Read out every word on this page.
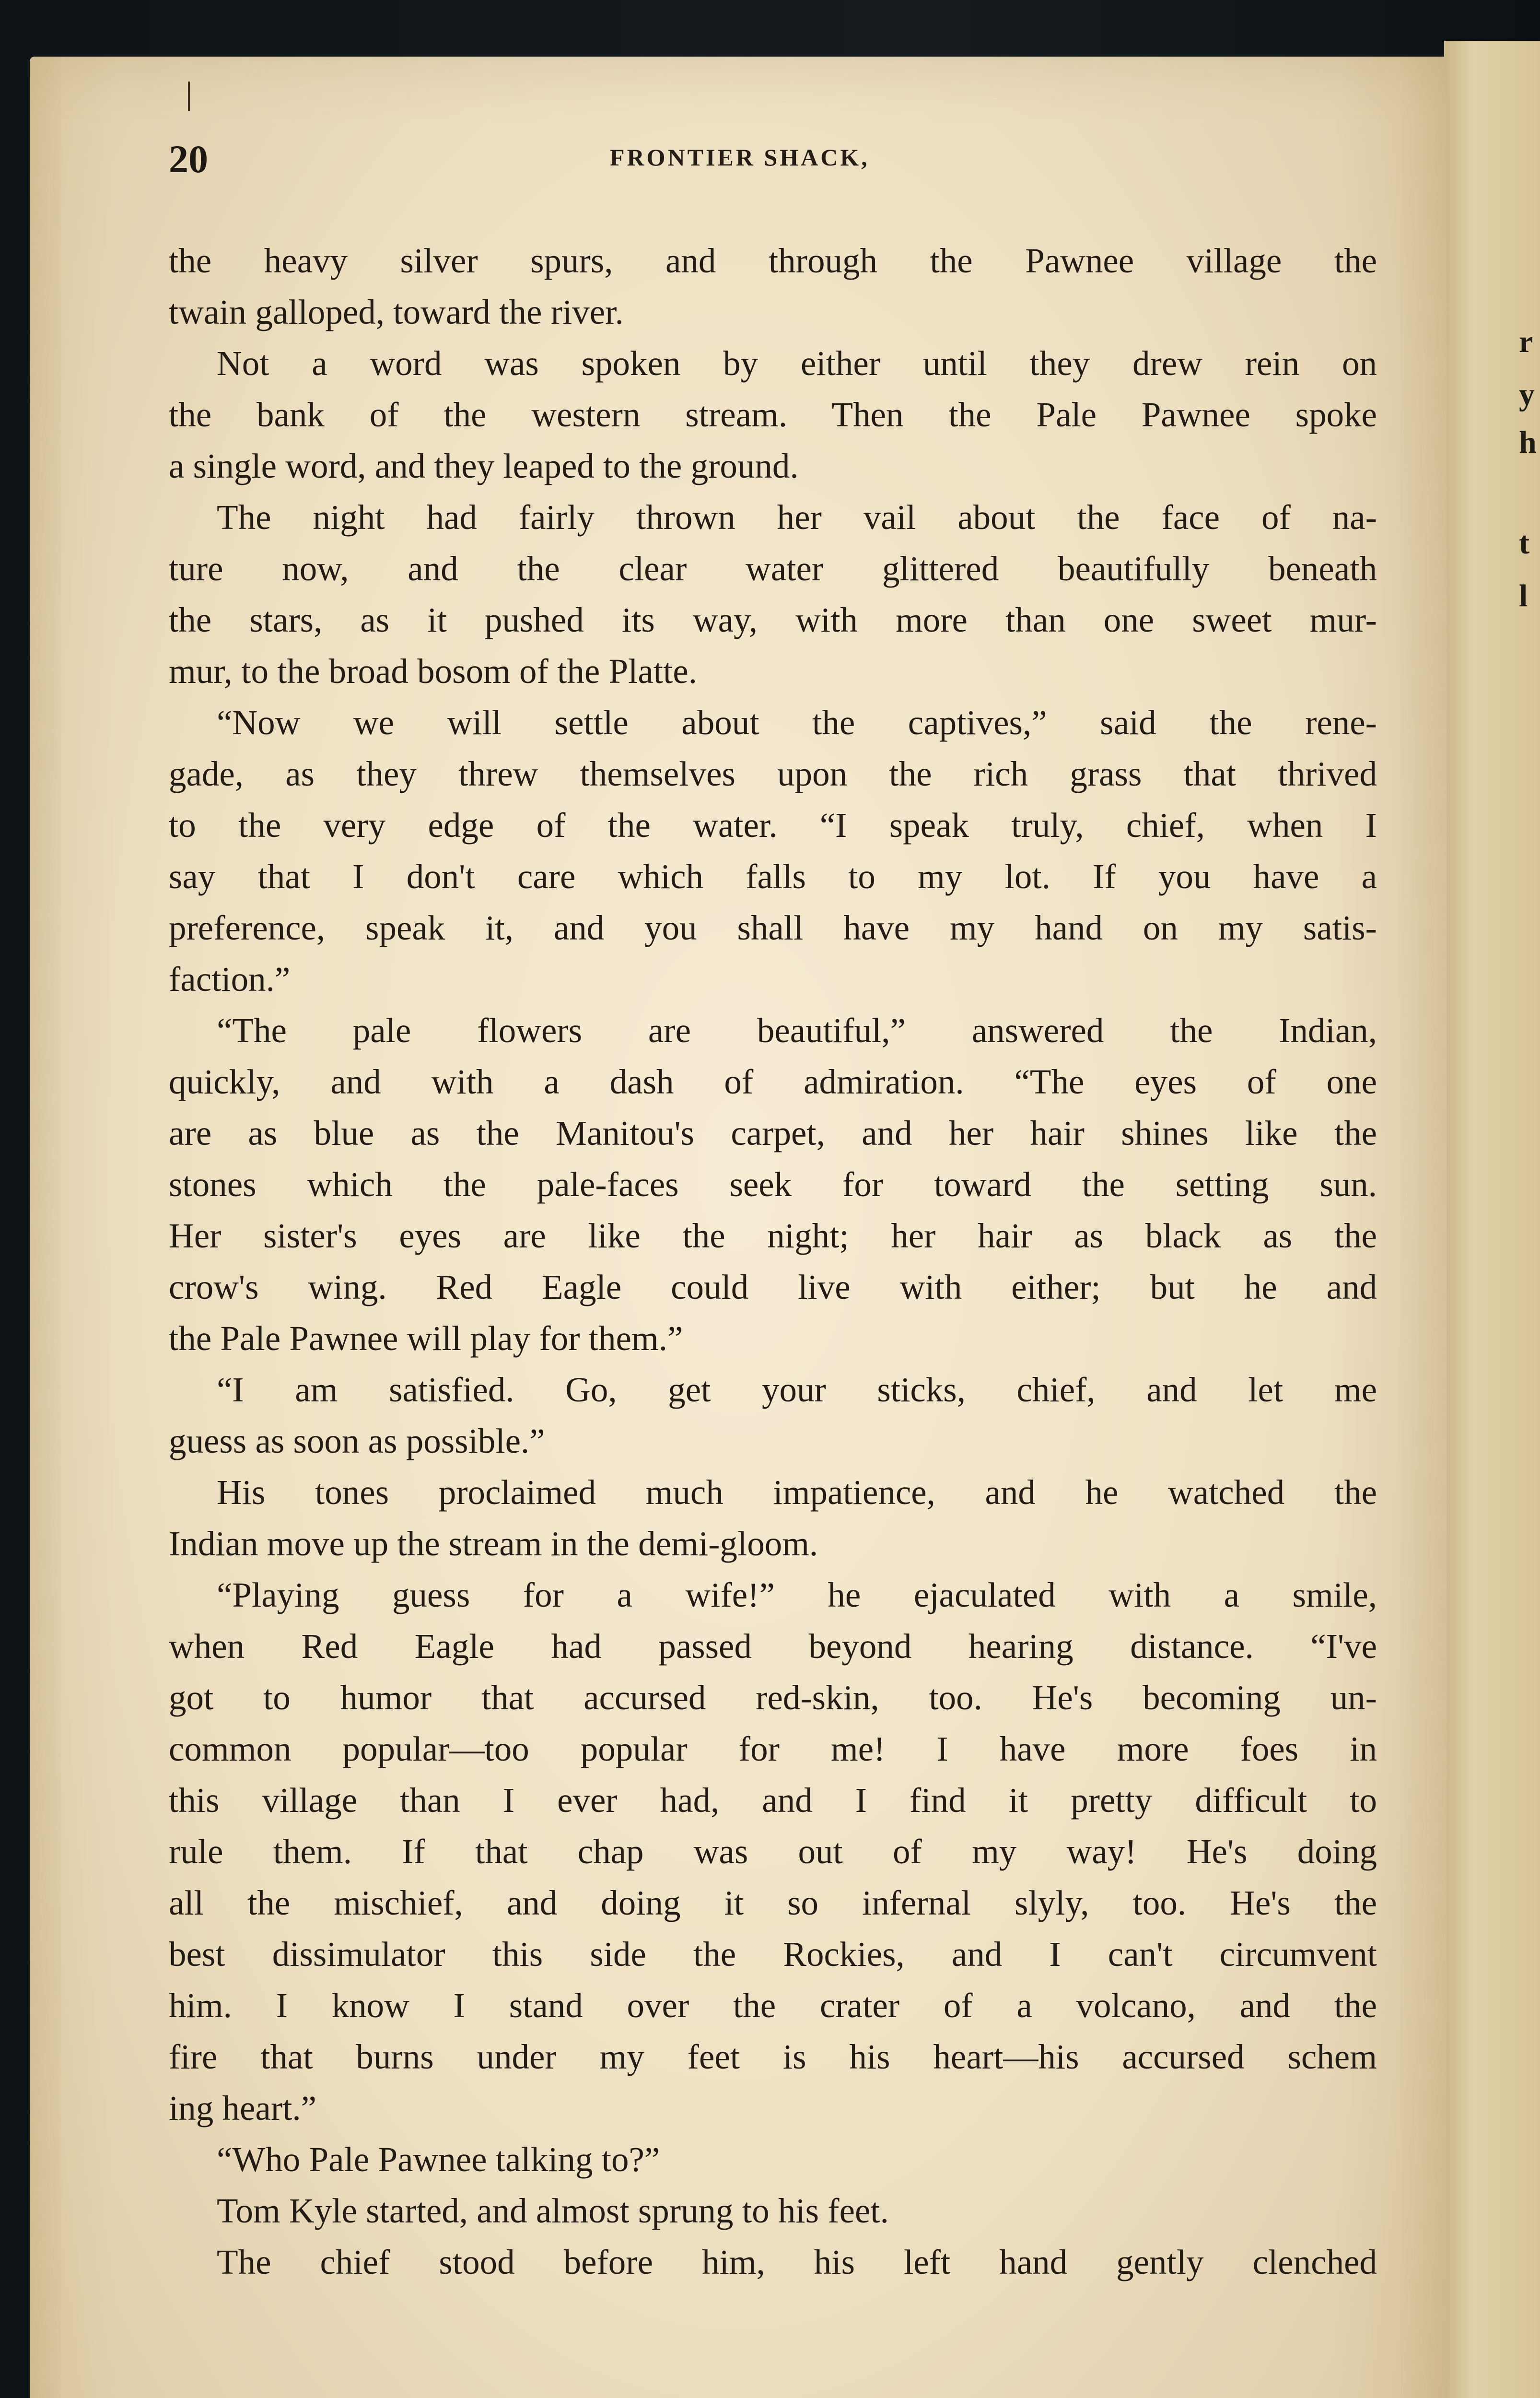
r
y
h
t
l
20	FRONTIER SHACK,
the heavy silver spurs, and through the Pawnee village the
twain galloped, toward the river.
Not a word was spoken by either until they drew rein on
the bank of the western stream. Then the Pale Pawnee spoke
a single word, and they leaped to the ground.
The night had fairly thrown her vail about the face of na-
ture now, and the clear water glittered beautifully beneath
the stars, as it pushed its way, with more than one sweet mur-
mur, to the broad bosom of the Platte.
“Now we will settle about the captives,” said the rene-
gade, as they threw themselves upon the rich grass that thrived
to the very edge of the water. “I speak truly, chief, when I
say that I don't care which falls to my lot. If you have a
preference, speak it, and you shall have my hand on my satis-
faction.”
“The pale flowers are beautiful,” answered the Indian,
quickly, and with a dash of admiration. “The eyes of one
are as blue as the Manitou's carpet, and her hair shines like the
stones which the pale-faces seek for toward the setting sun.
Her sister's eyes are like the night; her hair as black as the
crow's wing. Red Eagle could live with either; but he and
the Pale Pawnee will play for them.”
“I am satisfied. Go, get your sticks, chief, and let me
guess as soon as possible.”
His tones proclaimed much impatience, and he watched the
Indian move up the stream in the demi-gloom.
“Playing guess for a wife!” he ejaculated with a smile,
when Red Eagle had passed beyond hearing distance. “I've
got to humor that accursed red-skin, too. He's becoming un-
common popular—too popular for me! I have more foes in
this village than I ever had, and I find it pretty difficult to
rule them. If that chap was out of my way! He's doing
all the mischief, and doing it so infernal slyly, too. He's the
best dissimulator this side the Rockies, and I can't circumvent
him. I know I stand over the crater of a volcano, and the
fire that burns under my feet is his heart—his accursed schem
ing heart.”
“Who Pale Pawnee talking to?”
Tom Kyle started, and almost sprung to his feet.
The chief stood before him, his left hand gently clenched
